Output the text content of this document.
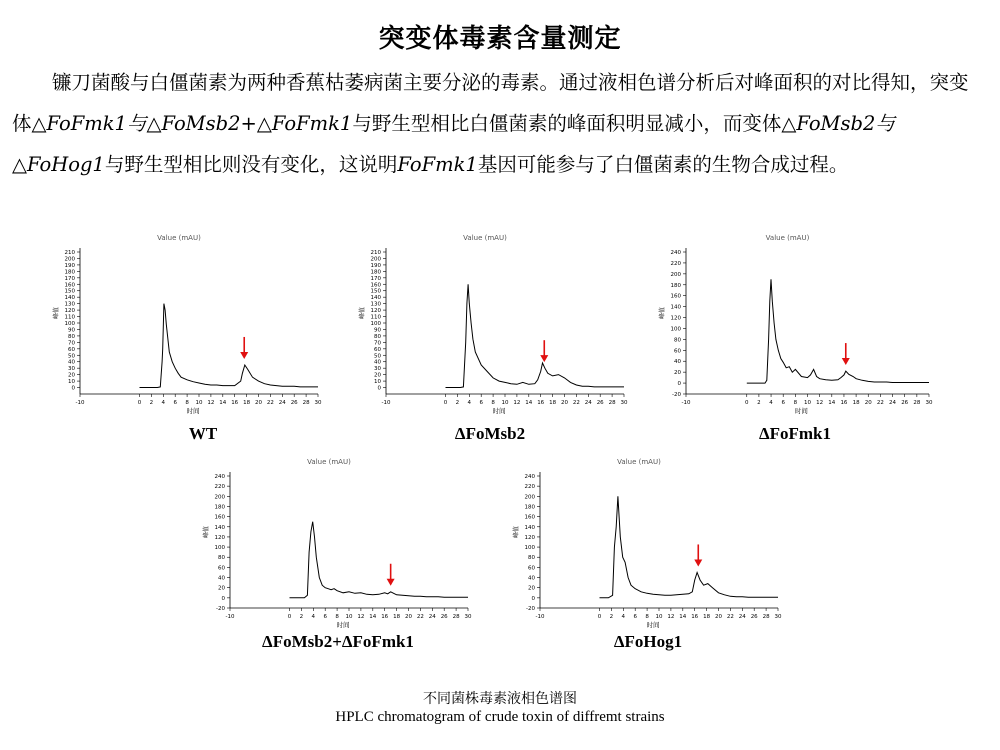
突变体毒素含量测定
镰刀菌酸与白僵菌素为两种香蕉枯萎病菌主要分泌的毒素。通过液相色谱分析后对峰面积的对比得知，突变体△FoFmk1与△FoMsb2+△FoFmk1与野生型相比白僵菌素的峰面积明显减小，而变体△FoMsb2与△FoHog1与野生型相比则没有变化，这说明FoFmk1基因可能参与了白僵菌素的生物合成过程。
Value (mAU)
0
10
20
30
40
50
60
70
80
90
100
110
120
130
140
150
160
170
180
190
200
210
-10	0 2 4 6 8 10 12 14 16 18 20 22 24 26 28 30
峰值
时间
Value (mAU)
0
10
20
30
40
50
60
70
80
90
100
110
120
130
140
150
160
170
180
190
200
210
-10	0 2 4 6 8 10 12 14 16 18 20 22 24 26 28 30
峰值
时间
Value (mAU)
-20
0
20
40
60
80
100
120
140
160
180
200
220
240
-10	0 2 4 6 8 10 12 14 16 18 20 22 24 26 28 30
峰值
时间
Value (mAU)
-20
0
20
40
60
80
100
120
140
160
180
200
220
240
-10	0 2 4 6 8 10 12 14 16 18 20 22 24 26 28 30
峰值
时间
Value (mAU)
-20
0
20
40
60
80
100
120
140
160
180
200
220
240
-10	0 2 4 6 8 10 12 14 16 18 20 22 24 26 28 30
峰值
时间
WT	ΔFoMsb2	ΔFoFmk1
ΔFoMsb2+ΔFoFmk1	ΔFoHog1
不同菌株毒素液相色谱图
HPLC chromatogram of crude toxin of diffremt strains
